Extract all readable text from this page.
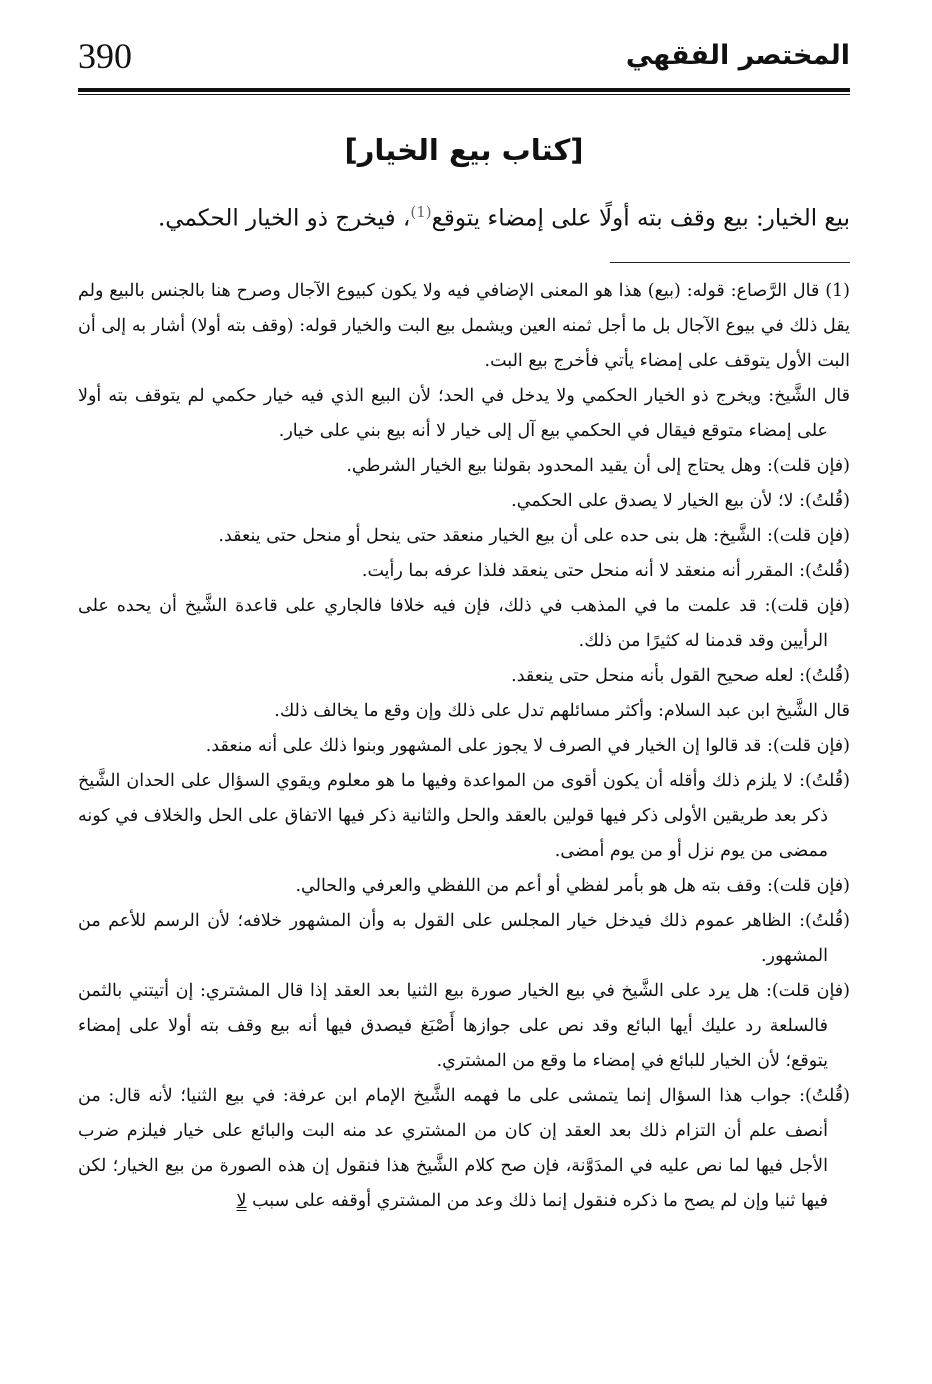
390	المختصر الفقهي
[كتاب بيع الخيار]
بيع الخيار: بيع وقف بته أولًا على إمضاء يتوقع$^{(1)}$، فيخرج ذو الخيار الحكمي.

(1) قال الرَّصاع: قوله: (بيع) هذا هو المعنى الإضافي فيه ولا يكون كبيوع الآجال وصرح هنا بالجنس بالبيع ولم يقل ذلك في بيوع الآجال بل ما أجل ثمنه العين ويشمل بيع البت والخيار قوله: (وقف بته أولا) أشار به إلى أن البت الأول يتوقف على إمضاء يأتي فأخرج بيع البت.

قال الشَّيخ: ويخرج ذو الخيار الحكمي ولا يدخل في الحد؛ لأن البيع الذي فيه خيار حكمي لم يتوقف بته أولا على إمضاء متوقع فيقال في الحكمي بيع آل إلى خيار لا أنه بيع بني على خيار.

(فإن قلت): وهل يحتاج إلى أن يقيد المحدود بقولنا بيع الخيار الشرطي.

(قُلتُ): لا؛ لأن بيع الخيار لا يصدق على الحكمي.

(فإن قلت): الشَّيخ: هل بنى حده على أن بيع الخيار منعقد حتى ينحل أو منحل حتى ينعقد.

(قُلتُ): المقرر أنه منعقد لا أنه منحل حتى ينعقد فلذا عرفه بما رأيت.

(فإن قلت): قد علمت ما في المذهب في ذلك، فإن فيه خلافا فالجاري على قاعدة الشَّيخ أن يحده على الرأيين وقد قدمنا له كثيرًا من ذلك.

(قُلتُ): لعله صحيح القول بأنه منحل حتى ينعقد.

قال الشَّيخ ابن عبد السلام: وأكثر مسائلهم تدل على ذلك وإن وقع ما يخالف ذلك.

(فإن قلت): قد قالوا إن الخيار في الصرف لا يجوز على المشهور وبنوا ذلك على أنه منعقد.

(قُلتُ): لا يلزم ذلك وأقله أن يكون أقوى من المواعدة وفيها ما هو معلوم ويقوي السؤال على الحدان الشَّيخ ذكر بعد طريقين الأولى ذكر فيها قولين بالعقد والحل والثانية ذكر فيها الاتفاق على الحل والخلاف في كونه ممضى من يوم نزل أو من يوم أمضى.

(فإن قلت): وقف بته هل هو بأمر لفظي أو أعم من اللفظي والعرفي والحالي.

(قُلتُ): الظاهر عموم ذلك فيدخل خيار المجلس على القول به وأن المشهور خلافه؛ لأن الرسم للأعم من المشهور.

(فإن قلت): هل يرد على الشَّيخ في بيع الخيار صورة بيع الثنيا بعد العقد إذا قال المشتري: إن أتيتني بالثمن فالسلعة رد عليك أيها البائع وقد نص على جوازها أَصْبَغ فيصدق فيها أنه بيع وقف بته أولا على إمضاء يتوقع؛ لأن الخيار للبائع في إمضاء ما وقع من المشتري.

(قُلتُ): جواب هذا السؤال إنما يتمشى على ما فهمه الشَّيخ الإمام ابن عرفة: في بيع الثنيا؛ لأنه قال: من أنصف علم أن التزام ذلك بعد العقد إن كان من المشتري عد منه البت والبائع على خيار فيلزم ضرب الأجل فيها لما نص عليه في المدَوَّنة، فإن صح كلام الشَّيخ هذا فنقول إن هذه الصورة من بيع الخيار؛ لكن فيها ثنيا وإن لم يصح ما ذكره فنقول إنما ذلك وعد من المشتري أوقفه على سبب لا
